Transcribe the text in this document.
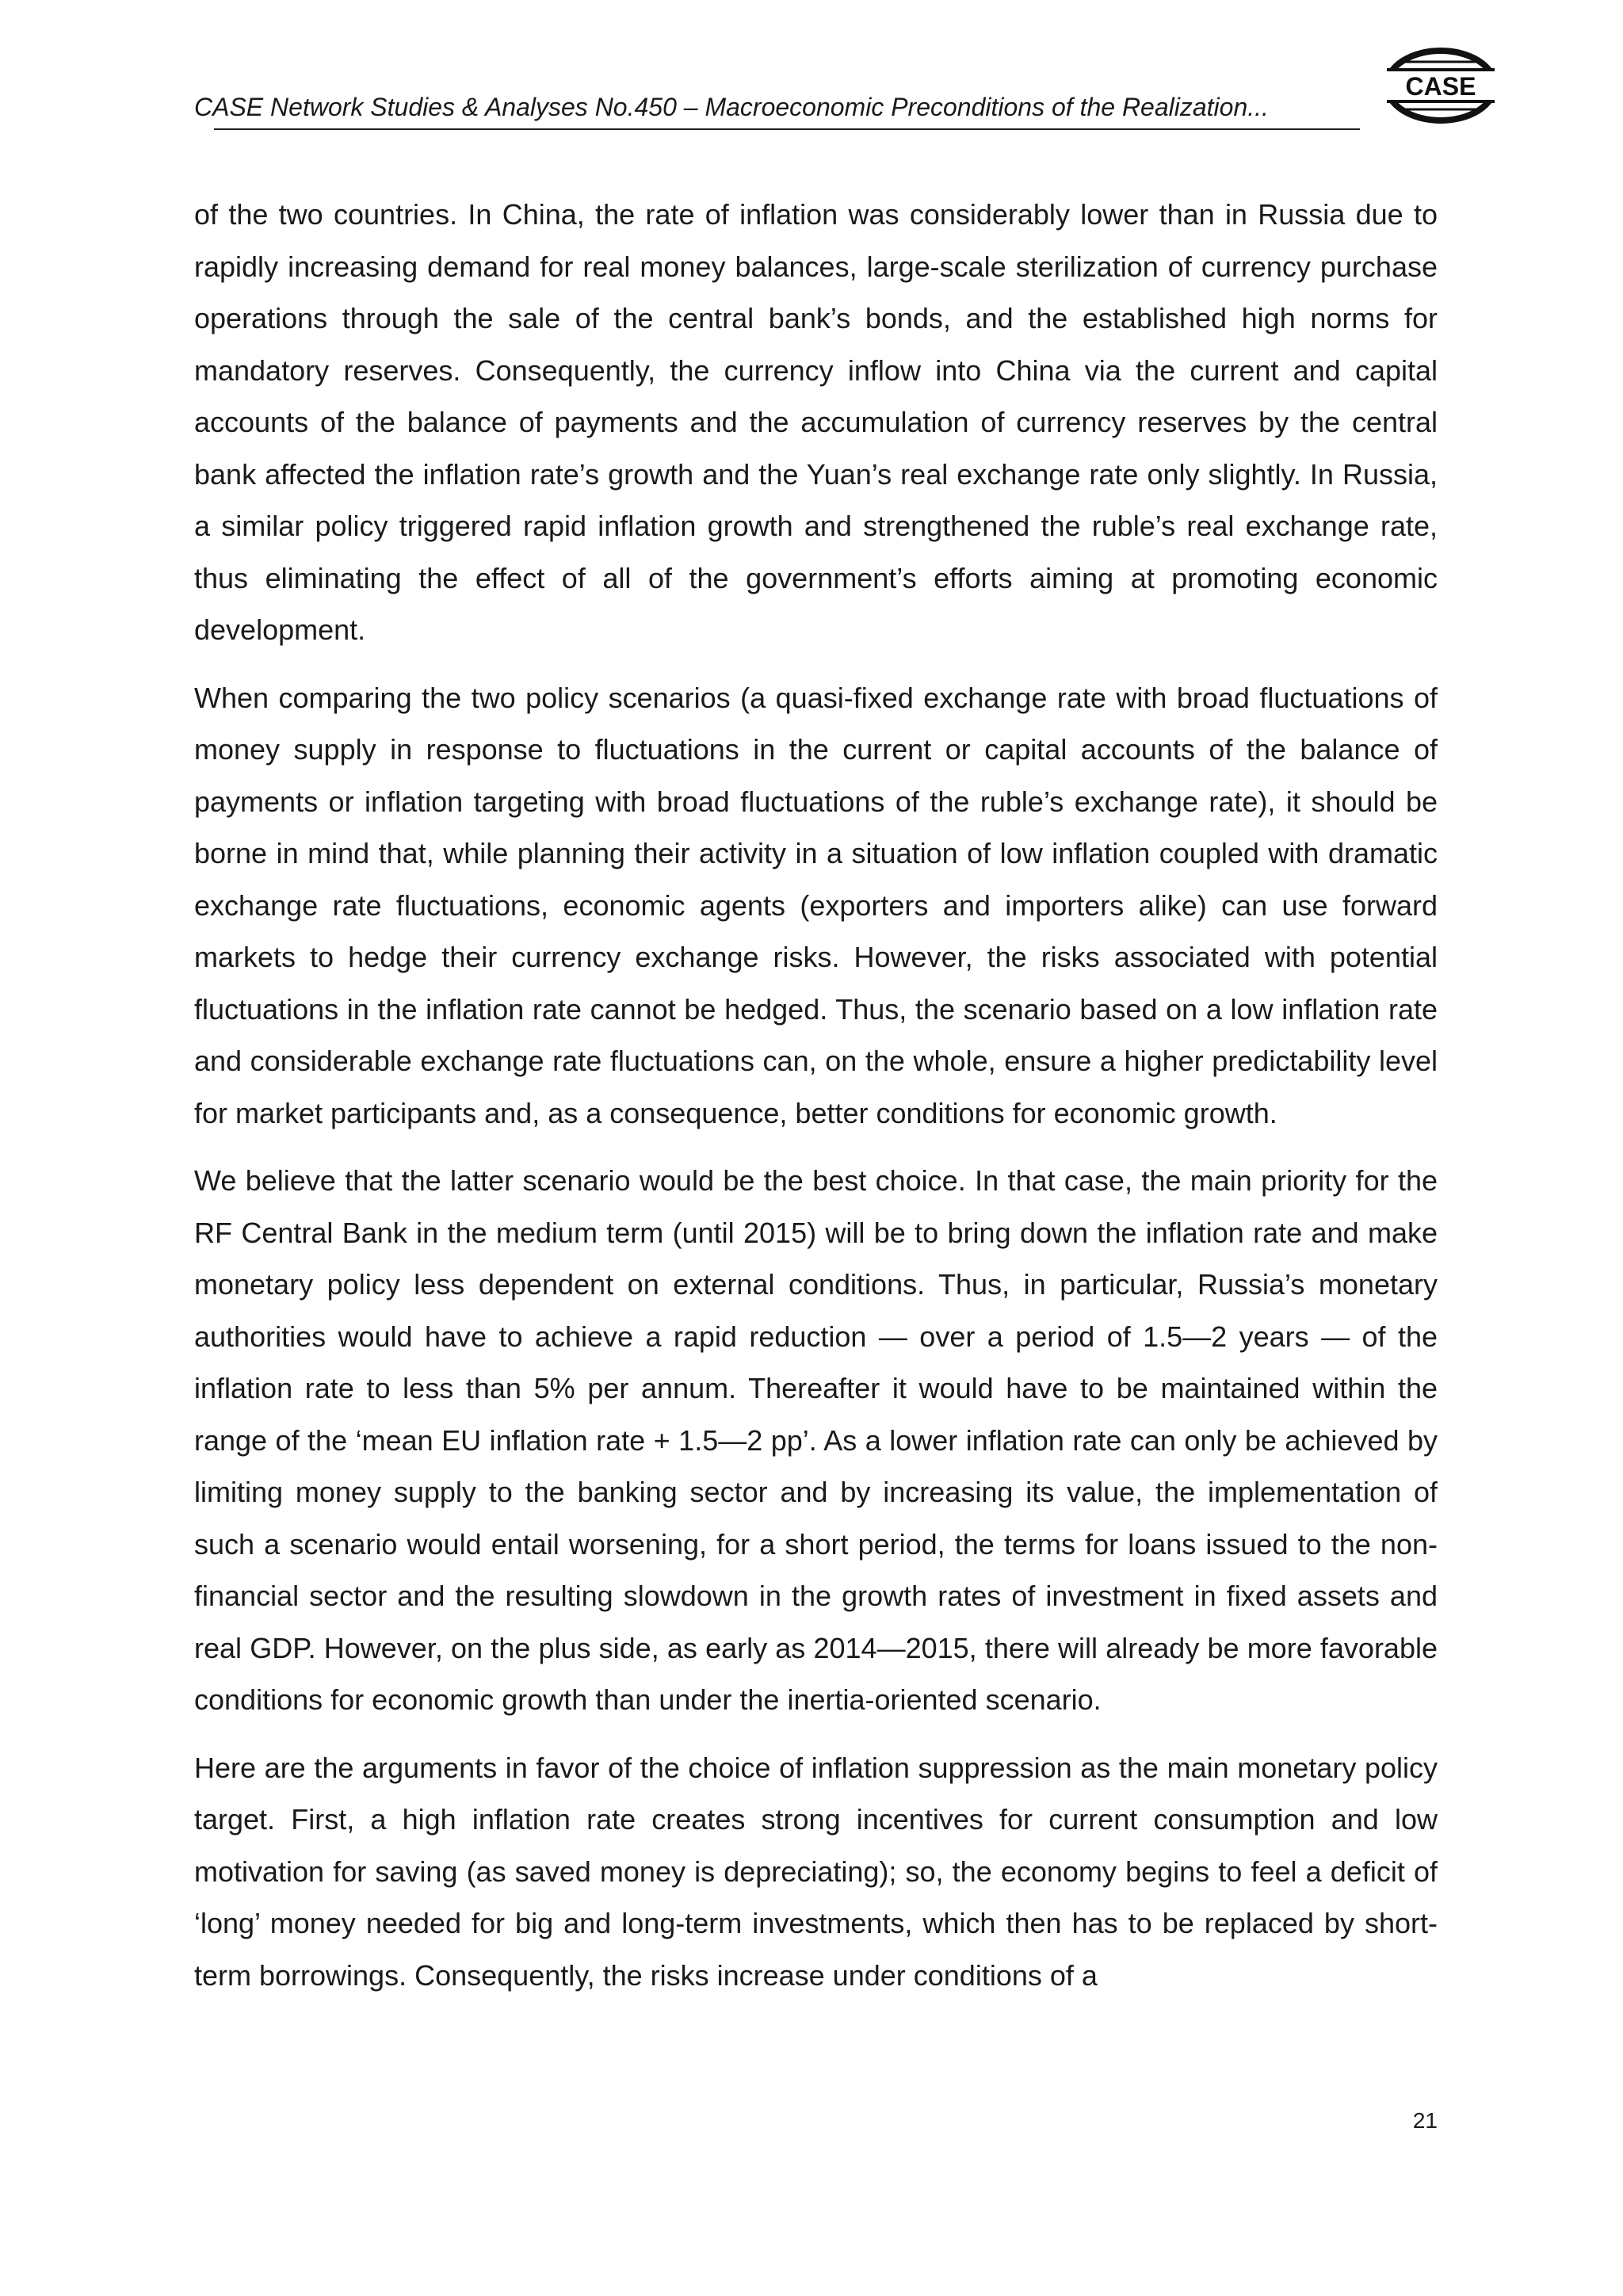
CASE Network Studies & Analyses No.450 – Macroeconomic Preconditions of the Realization...
CASE

of the two countries. In China, the rate of inflation was considerably lower than in Russia due to rapidly increasing demand for real money balances, large-scale sterilization of currency purchase operations through the sale of the central bank’s bonds, and the established high norms for mandatory reserves. Consequently, the currency inflow into China via the current and capital accounts of the balance of payments and the accumulation of currency reserves by the central bank affected the inflation rate’s growth and the Yuan’s real exchange rate only slightly. In Russia, a similar policy triggered rapid inflation growth and strengthened the ruble’s real exchange rate, thus eliminating the effect of all of the government’s efforts aiming at promoting economic development.

When comparing the two policy scenarios (a quasi-fixed exchange rate with broad fluctuations of money supply in response to fluctuations in the current or capital accounts of the balance of payments or inflation targeting with broad fluctuations of the ruble’s exchange rate), it should be borne in mind that, while planning their activity in a situation of low inflation coupled with dramatic exchange rate fluctuations, economic agents (exporters and importers alike) can use forward markets to hedge their currency exchange risks. However, the risks associated with potential fluctuations in the inflation rate cannot be hedged. Thus, the scenario based on a low inflation rate and considerable exchange rate fluctuations can, on the whole, ensure a higher predictability level for market participants and, as a consequence, better conditions for economic growth.

We believe that the latter scenario would be the best choice. In that case, the main priority for the RF Central Bank in the medium term (until 2015) will be to bring down the inflation rate and make monetary policy less dependent on external conditions. Thus, in particular, Russia’s monetary authorities would have to achieve a rapid reduction — over a period of 1.5—2 years — of the inflation rate to less than 5% per annum. Thereafter it would have to be maintained within the range of the ‘mean EU inflation rate + 1.5—2 pp’. As a lower inflation rate can only be achieved by limiting money supply to the banking sector and by increasing its value, the implementation of such a scenario would entail worsening, for a short period, the terms for loans issued to the non-financial sector and the resulting slowdown in the growth rates of investment in fixed assets and real GDP. However, on the plus side, as early as 2014—2015, there will already be more favorable conditions for economic growth than under the inertia-oriented scenario.

Here are the arguments in favor of the choice of inflation suppression as the main monetary policy target. First, a high inflation rate creates strong incentives for current consumption and low motivation for saving (as saved money is depreciating); so, the economy begins to feel a deficit of ‘long’ money needed for big and long-term investments, which then has to be replaced by short-term borrowings. Consequently, the risks increase under conditions of a

21
